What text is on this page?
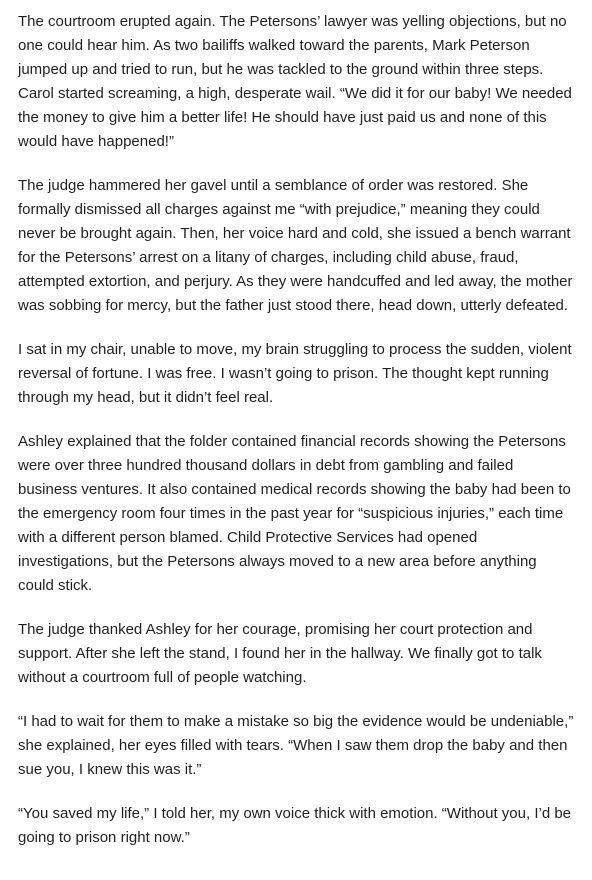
The courtroom erupted again. The Petersons’ lawyer was yelling objections, but no one could hear him. As two bailiffs walked toward the parents, Mark Peterson jumped up and tried to run, but he was tackled to the ground within three steps. Carol started screaming, a high, desperate wail. “We did it for our baby! We needed the money to give him a better life! He should have just paid us and none of this would have happened!”

The judge hammered her gavel until a semblance of order was restored. She formally dismissed all charges against me “with prejudice,” meaning they could never be brought again. Then, her voice hard and cold, she issued a bench warrant for the Petersons’ arrest on a litany of charges, including child abuse, fraud, attempted extortion, and perjury. As they were handcuffed and led away, the mother was sobbing for mercy, but the father just stood there, head down, utterly defeated.

I sat in my chair, unable to move, my brain struggling to process the sudden, violent reversal of fortune. I was free. I wasn’t going to prison. The thought kept running through my head, but it didn’t feel real.

Ashley explained that the folder contained financial records showing the Petersons were over three hundred thousand dollars in debt from gambling and failed business ventures. It also contained medical records showing the baby had been to the emergency room four times in the past year for “suspicious injuries,” each time with a different person blamed. Child Protective Services had opened investigations, but the Petersons always moved to a new area before anything could stick.

The judge thanked Ashley for her courage, promising her court protection and support. After she left the stand, I found her in the hallway. We finally got to talk without a courtroom full of people watching.

“I had to wait for them to make a mistake so big the evidence would be undeniable,” she explained, her eyes filled with tears. “When I saw them drop the baby and then sue you, I knew this was it.”

“You saved my life,” I told her, my own voice thick with emotion. “Without you, I’d be going to prison right now.”
